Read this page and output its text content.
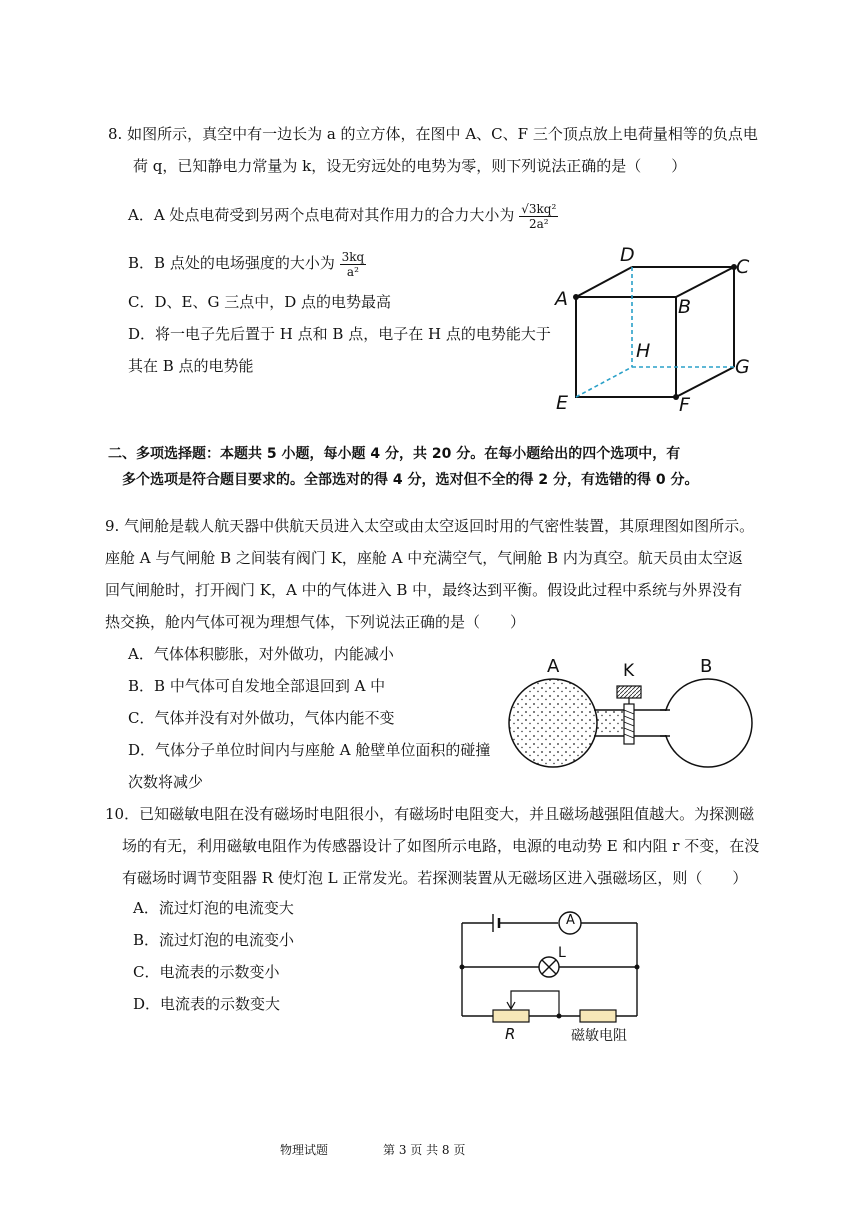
8. 如图所示，真空中有一边长为 a 的立方体，在图中 A、C、F 三个顶点放上电荷量相等的负点电
荷 q，已知静电力常量为 k，设无穷远处的电势为零，则下列说法正确的是（　　）
A．A 处点电荷受到另两个点电荷对其作用力的合力大小为 $\frac{\text{√3kq²}}{\text{2a²}}$
B．B 点处的电场强度的大小为 $\frac{3kq}{\text{a²}}$
C．D、E、G 三点中，D 点的电势最高
D．将一电子先后置于 H 点和 B 点，电子在 H 点的电势能大于
其在 B 点的电势能
D
C
A	B
H
G
E	F
二、多项选择题：本题共 5 小题，每小题 4 分，共 20 分。在每小题给出的四个选项中，有
多个选项是符合题目要求的。全部选对的得 4 分，选对但不全的得 2 分，有选错的得 0 分。
9. 气闸舱是载人航天器中供航天员进入太空或由太空返回时用的气密性装置，其原理图如图所示。
座舱 A 与气闸舱 B 之间装有阀门 K，座舱 A 中充满空气，气闸舱 B 内为真空。航天员由太空返
回气闸舱时，打开阀门 K，A 中的气体进入 B 中，最终达到平衡。假设此过程中系统与外界没有
热交换，舱内气体可视为理想气体，下列说法正确的是（　　）
A．气体体积膨胀，对外做功，内能减小
B．B 中气体可自发地全部退回到 A 中
C．气体并没有对外做功，气体内能不变
D．气体分子单位时间内与座舱 A 舱壁单位面积的碰撞
次数将减少
A	K	B
10．已知磁敏电阻在没有磁场时电阻很小，有磁场时电阻变大，并且磁场越强阻值越大。为探测磁
场的有无，利用磁敏电阻作为传感器设计了如图所示电路，电源的电动势 E 和内阻 r 不变，在没
有磁场时调节变阻器 R 使灯泡 L 正常发光。若探测装置从无磁场区进入强磁场区，则（　　）
A．流过灯泡的电流变大
B．流过灯泡的电流变小
C．电流表的示数变小
D．电流表的示数变大
A
L
R	磁敏电阻
物理试题	第 3 页 共 8 页
